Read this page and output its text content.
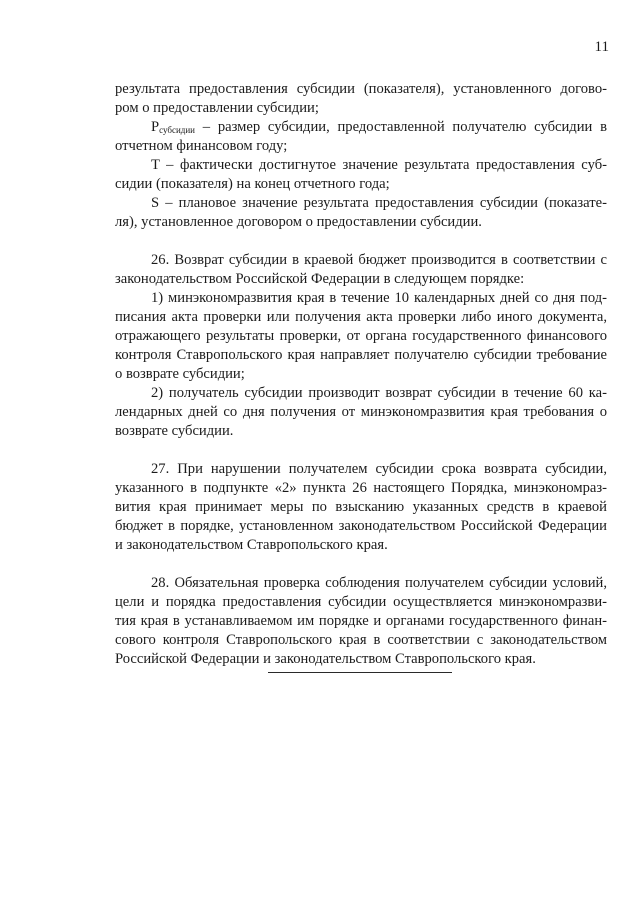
11
результата предоставления субсидии (показателя), установленного догово-
ром о предоставлении субсидии;
$P_{субсидии}$ – размер субсидии, предоставленной получателю субсидии в
отчетном финансовом году;
T – фактически достигнутое значение результата предоставления суб-
сидии (показателя) на конец отчетного года;
S – плановое значение результата предоставления субсидии (показате-
ля), установленное договором о предоставлении субсидии.
26. Возврат субсидии в краевой бюджет производится в соответствии с
законодательством Российской Федерации в следующем порядке:
1) минэкономразвития края в течение 10 календарных дней со дня под-
писания акта проверки или получения акта проверки либо иного документа,
отражающего результаты проверки, от органа государственного финансового
контроля Ставропольского края направляет получателю субсидии требование
о возврате субсидии;
2) получатель субсидии производит возврат субсидии в течение 60 ка-
лендарных дней со дня получения от минэкономразвития края требования о
возврате субсидии.
27. При нарушении получателем субсидии срока возврата субсидии,
указанного в подпункте «2» пункта 26 настоящего Порядка, минэкономраз-
вития края принимает меры по взысканию указанных средств в краевой
бюджет в порядке, установленном законодательством Российской Федерации
и законодательством Ставропольского края.
28. Обязательная проверка соблюдения получателем субсидии условий,
цели и порядка предоставления субсидии осуществляется минэкономразви-
тия края в устанавливаемом им порядке и органами государственного финан-
сового контроля Ставропольского края в соответствии с законодательством
Российской Федерации и законодательством Ставропольского края.
